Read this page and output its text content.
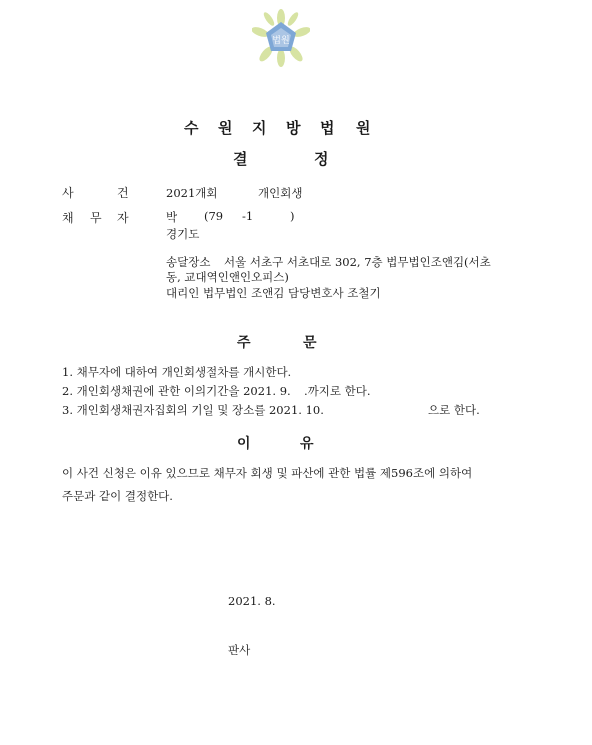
법원
수 원 지 방 법 원
결	정
사	건	2021개회	개인회생
채 무 자	박 (79 -1	)
경기도
송달장소 서울 서초구 서초대로 302, 7층 법무법인조앤김(서초
동, 교대역인앤인오피스)
대리인 법무법인 조앤김 담당변호사 조철기
주	문
1. 채무자에 대하여 개인회생절차를 개시한다.
2. 개인회생채권에 관한 이의기간을 2021. 9. .까지로 한다.
3. 개인회생채권자집회의 기일 및 장소를 2021. 10.	으로 한다.
이	유
이 사건 신청은 이유 있으므로 채무자 회생 및 파산에 관한 법률 제596조에 의하여
주문과 같이 결정한다.
2021. 8.
판사
